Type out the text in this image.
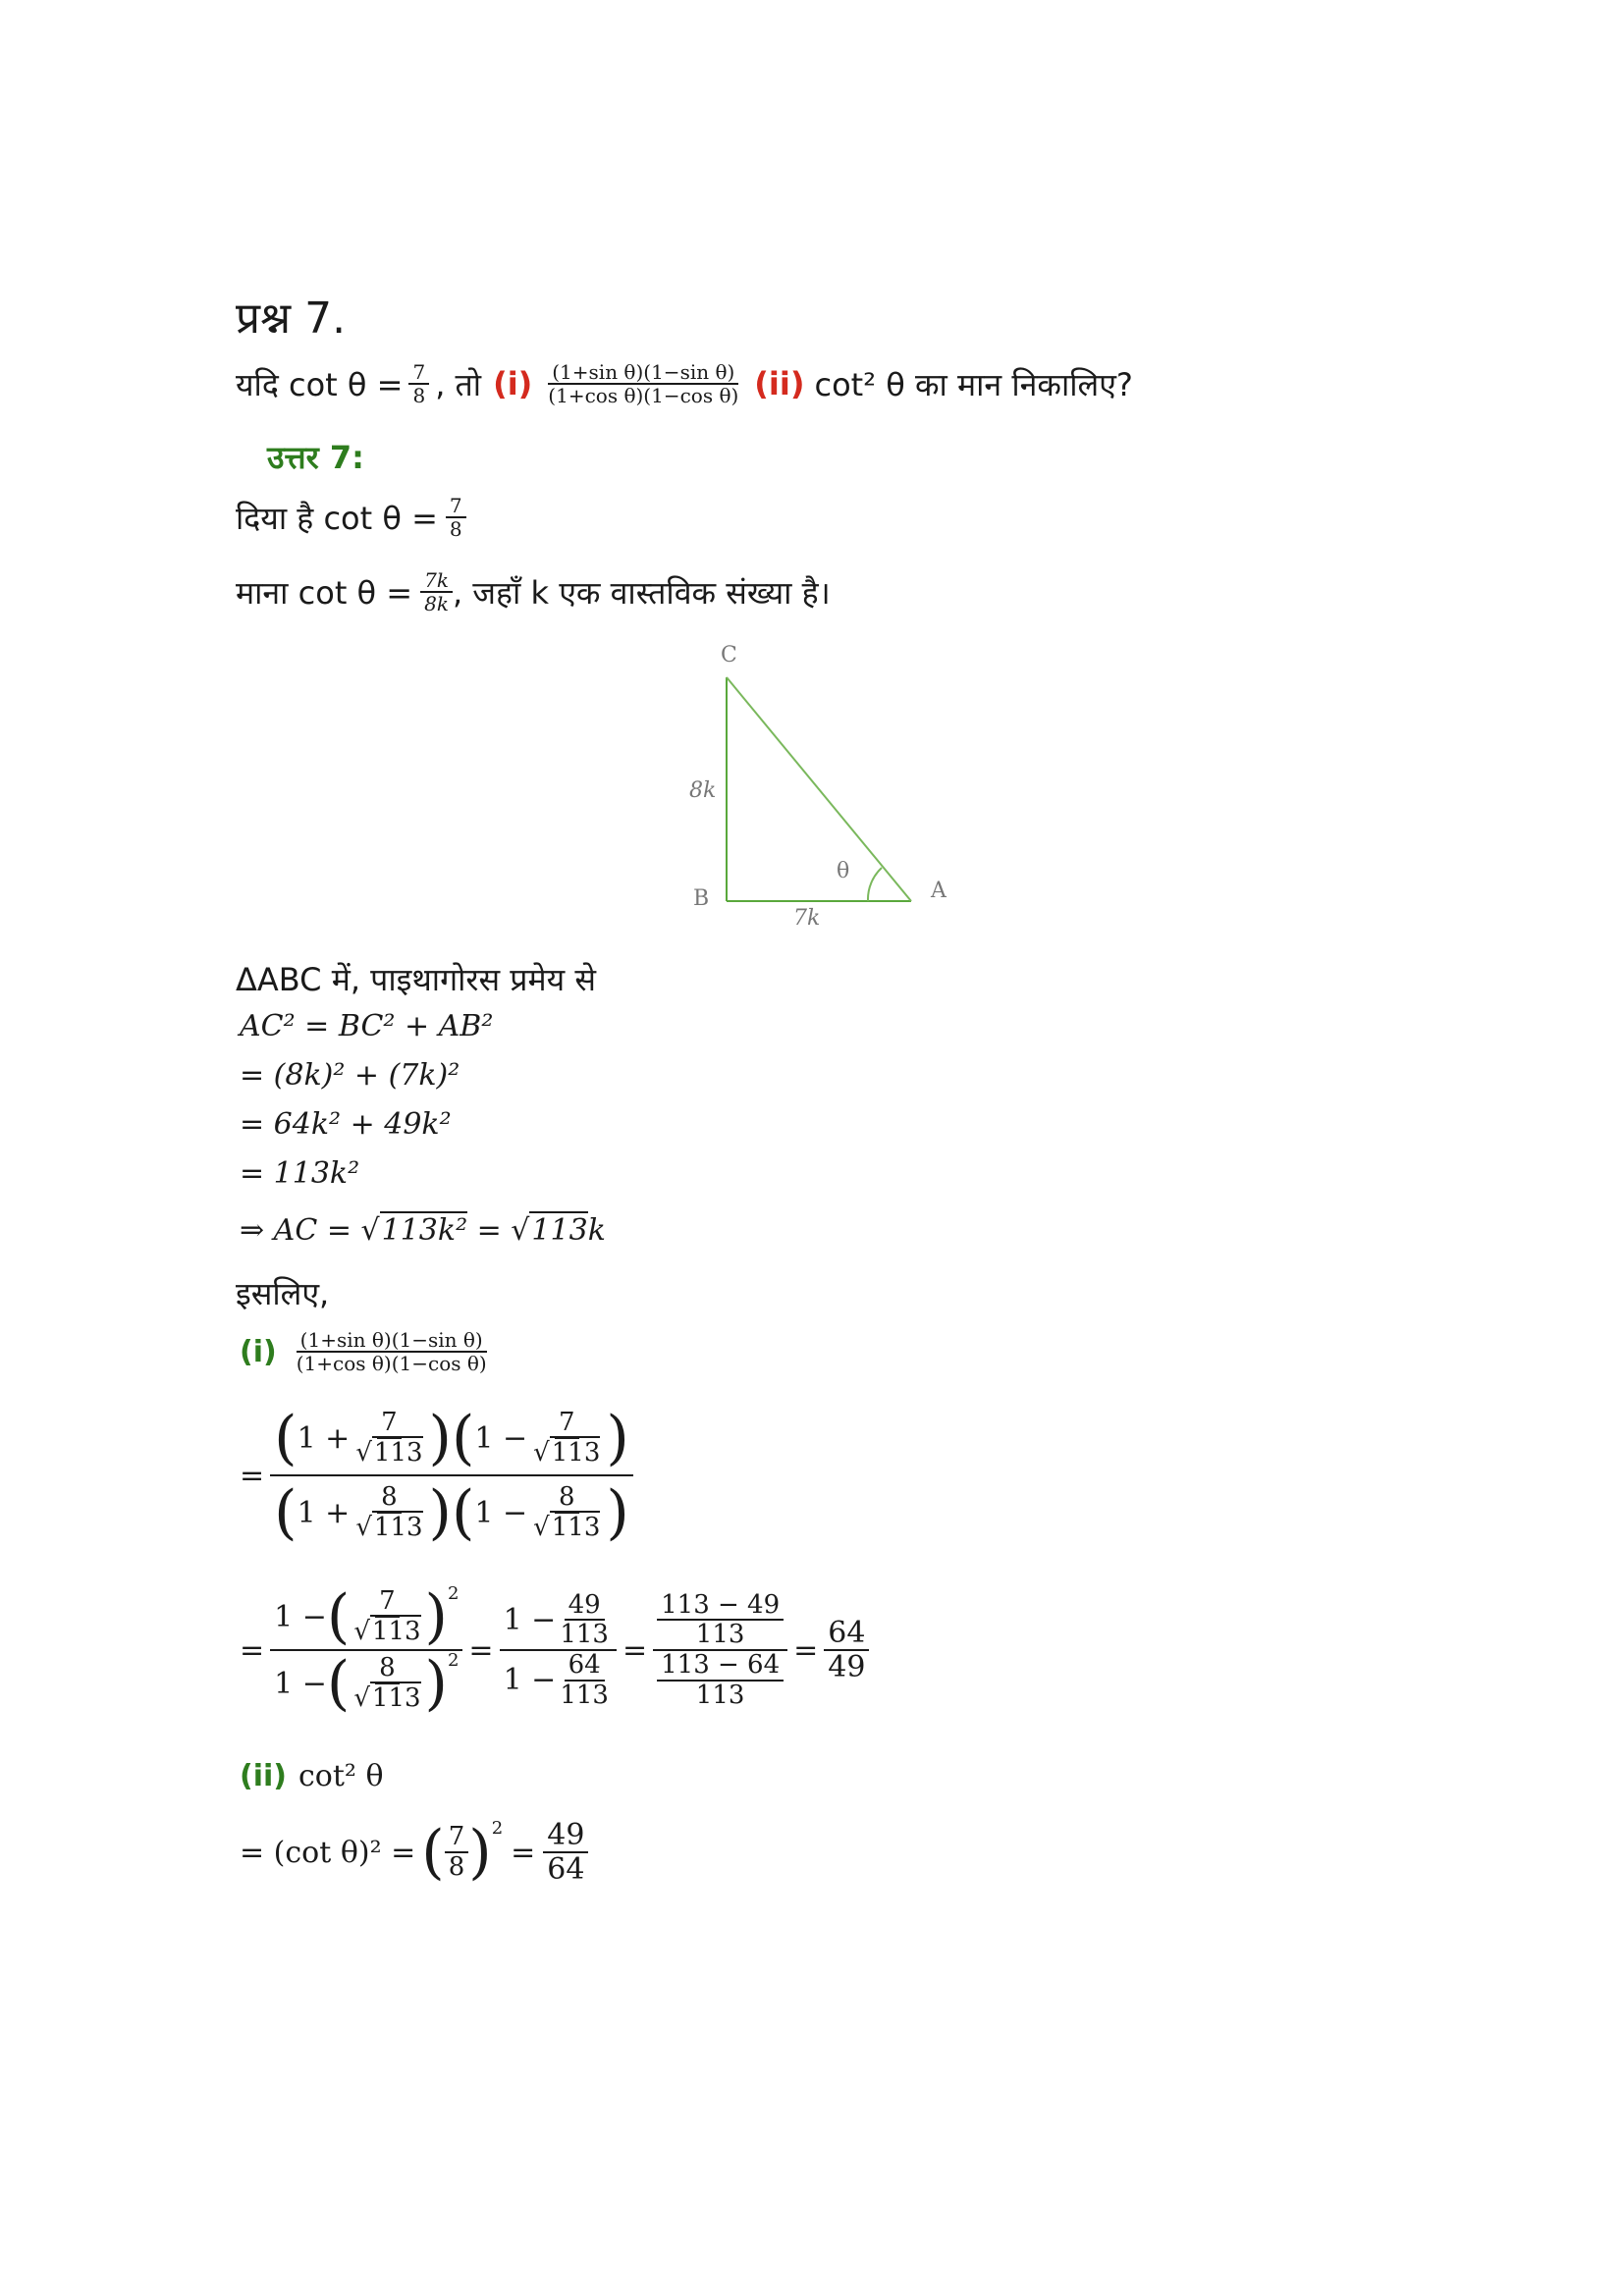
प्रश्न 7.
यदि $\cot \theta = \frac{7}{8}$ , तो $(i) \frac{\text{(1+sin θ)(1−sin θ)}}{\text{(1+cos θ)(1−cos θ)}} (ii)$ cot² θ का मान निकालिए?
उत्तर 7:
दिया है $\cot \theta = \frac{7}{8}$
माना $\cot \theta = \frac{7k}{8k}$ , जहाँ k एक वास्तविक संख्या है।
C
B	A
8k
7k
θ
ΔABC में, पाइथागोरस प्रमेय से
AC² = BC² + AB²
= (8k)² + (7k)²
= 64k² + 49k²
= 113k²
⇒ AC = √113k² = √113k
इसलिए,
$(i) \frac{\text{(1+sin θ)(1−sin θ)}}{\text{(1+cos θ)(1−cos θ)}}$
=
( $1 + \frac{7}{√113}$ ) ( $1 - \frac{7}{√113}$ )
( $1 + \frac{8}{√113}$ ) ( $1 - \frac{8}{√113}$ )
= $\frac{1 - ( \frac{7}{√113} )^2}{1 - ( \frac{8}{√113} )^2} = \frac{1 - \frac{49}{113}}{1 - \frac{64}{113}} = \frac{\frac{113 - 49}{113}}{\frac{113 - 64}{113}} = \frac{64}{49}$
(ii) cot² θ
= (cot θ)² = ( $\frac{7}{8} )^2$
= $\frac{49}{64}$
